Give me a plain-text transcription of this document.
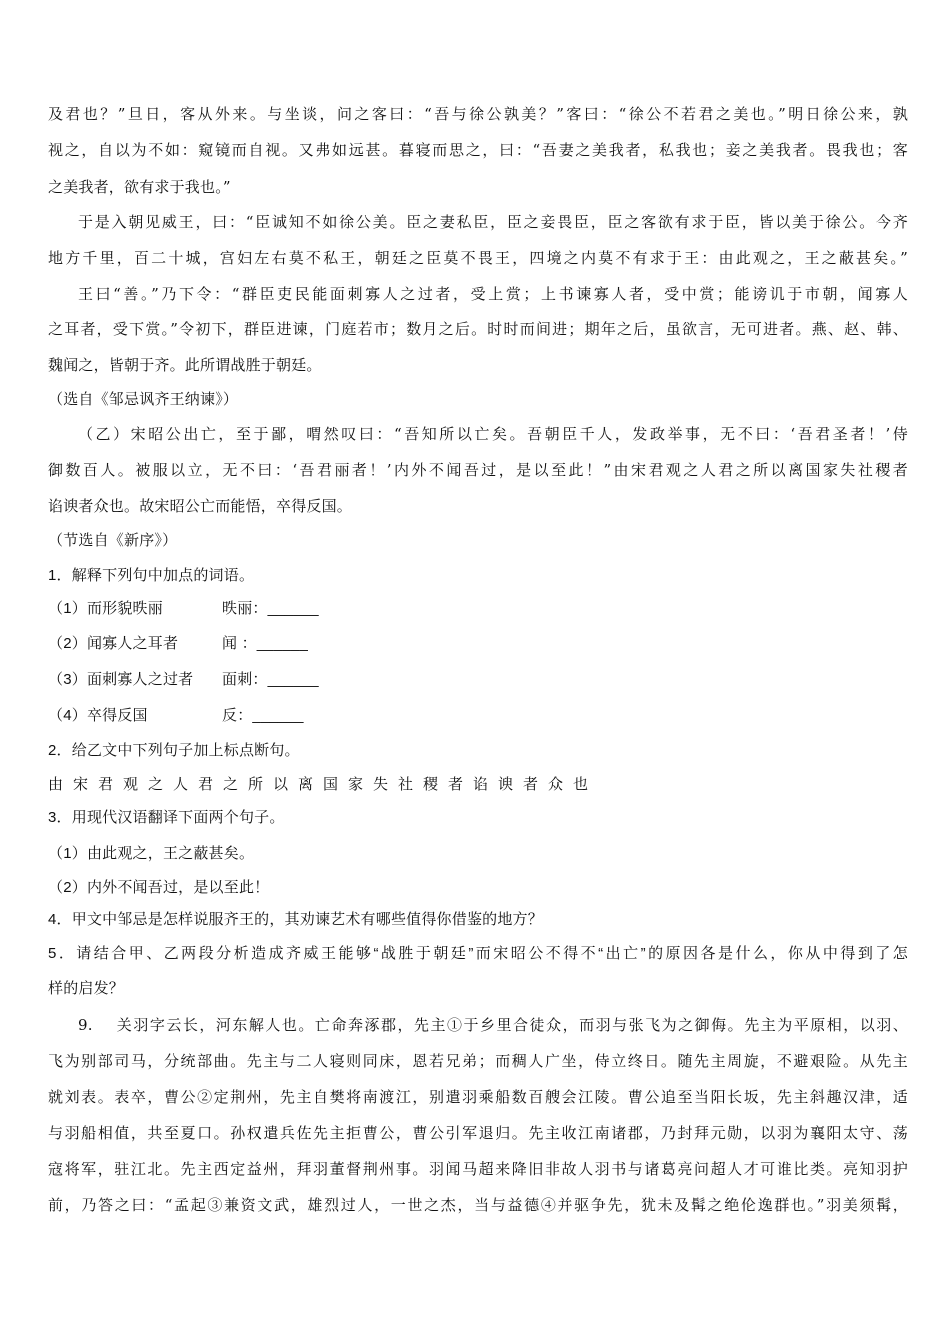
及君也？”旦日，客从外来。与坐谈，问之客曰：“吾与徐公孰美？”客曰：“徐公不若君之美也。”明日徐公来，孰
视之，自以为不如：窥镜而自视。又弗如远甚。暮寝而思之，曰：“吾妻之美我者，私我也；妾之美我者。畏我也；客
之美我者，欲有求于我也。”
于是入朝见威王，曰：“臣诚知不如徐公美。臣之妻私臣，臣之妾畏臣，臣之客欲有求于臣，皆以美于徐公。今齐
地方千里，百二十城，宫妇左右莫不私王，朝廷之臣莫不畏王，四境之内莫不有求于王：由此观之，王之蔽甚矣。”
王曰“善。”乃下令：“群臣吏民能面刺寡人之过者，受上赏；上书谏寡人者，受中赏；能谤讥于市朝，闻寡人
之耳者，受下赏。”令初下，群臣进谏，门庭若市；数月之后。时时而间进；期年之后，虽欲言，无可进者。燕、赵、韩、
魏闻之，皆朝于齐。此所谓战胜于朝廷。
（选自《邹忌讽齐王纳谏》）
（乙）宋昭公出亡，至于鄙，喟然叹曰：“吾知所以亡矣。吾朝臣千人，发政举事，无不曰：‘吾君圣者！’侍
御数百人。被服以立，无不曰：‘吾君丽者！’内外不闻吾过，是以至此！”由宋君观之人君之所以离国家失社稷者
谄谀者众也。故宋昭公亡而能悟，卒得反国。
（节选自《新序》）
1．解释下列句中加点的词语。
（1）而形貌昳丽	昳丽：______
（2）闻寡人之耳者	闻 ：______
（3）面刺寡人之过者 面刺：______
（4）卒得反国	反：______
2．给乙文中下列句子加上标点断句。
由宋君观之人君之所以离国家失社稷者谄谀者众也
3．用现代汉语翻译下面两个句子。
（1）由此观之，王之蔽甚矣。
（2）内外不闻吾过，是以至此！
4．甲文中邹忌是怎样说服齐王的，其劝谏艺术有哪些值得你借鉴的地方？
5．请结合甲、乙两段分析造成齐威王能够“战胜于朝廷”而宋昭公不得不“出亡”的原因各是什么，你从中得到了怎
样的启发？
9.　 关羽字云长，河东解人也。亡命奔涿郡，先主①于乡里合徒众，而羽与张飞为之御侮。先主为平原相，以羽、
飞为别部司马，分统部曲。先主与二人寝则同床，恩若兄弟；而稠人广坐，侍立终日。随先主周旋，不避艰险。从先主
就刘表。表卒，曹公②定荆州，先主自樊将南渡江，别遣羽乘船数百艘会江陵。曹公追至当阳长坂，先主斜趣汉津，适
与羽船相值，共至夏口。孙权遣兵佐先主拒曹公，曹公引军退归。先主收江南诸郡，乃封拜元勋，以羽为襄阳太守、荡
寇将军，驻江北。先主西定益州，拜羽董督荆州事。羽闻马超来降旧非故人羽书与诸葛亮问超人才可谁比类。亮知羽护
前，乃答之曰：“孟起③兼资文武，雄烈过人，一世之杰，当与益德④并驱争先，犹未及髯之绝伦逸群也。”羽美须髯，
